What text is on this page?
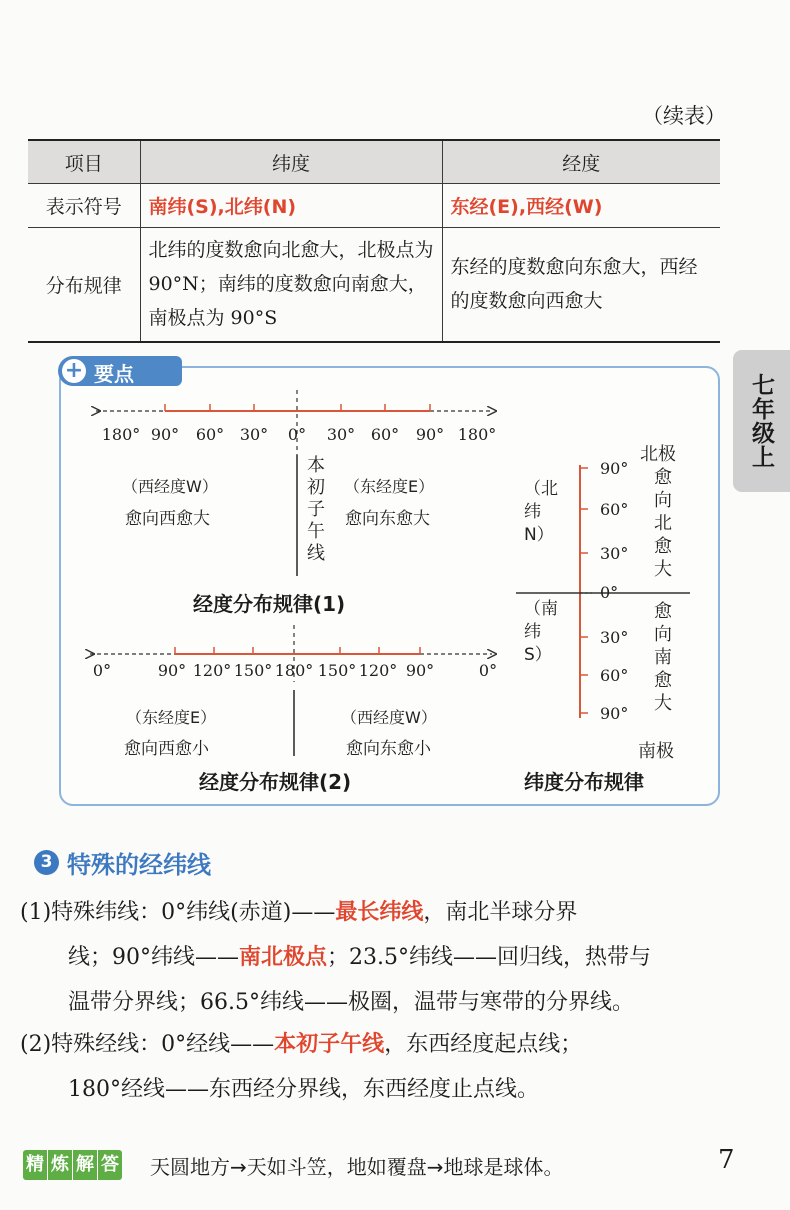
（续表）
项目	纬度	经度
表示符号	南纬(S),北纬(N)	东经(E),西经(W)
分布规律	北纬的度数愈向北愈大，北极点为 90°N；南纬的度数愈向南愈大，南极点为 90°S	东经的度数愈向东愈大，西经的度数愈向西愈大
七年级上
+ 要点
180° 90° 60° 30° 0° 30° 60° 90° 180°
0°	90° 120° 150° 180° 150° 120° 90°	0°
90°
60°
30°
0°
30°
60°
90°
（西经度W）
愈向西愈大
本初子午线
（东经度E）
愈向东愈大
经度分布规律(1)
（东经度E）
愈向西愈小
（西经度W）
愈向东愈小
经度分布规律(2)
（北纬N）
（南纬S）
北极
愈向北愈大
愈向南愈大
南极
纬度分布规律
3 特殊的经纬线
(1)特殊纬线：0°纬线(赤道)——最长纬线，南北半球分界
线；90°纬线——南北极点；23.5°纬线——回归线，热带与
温带分界线；66.5°纬线——极圈，温带与寒带的分界线。
(2)特殊经线：0°经线——本初子午线，东西经度起点线；
180°经线——东西经分界线，东西经度止点线。
精 炼 解 答 天圆地方→天如斗笠，地如覆盘→地球是球体。	7
